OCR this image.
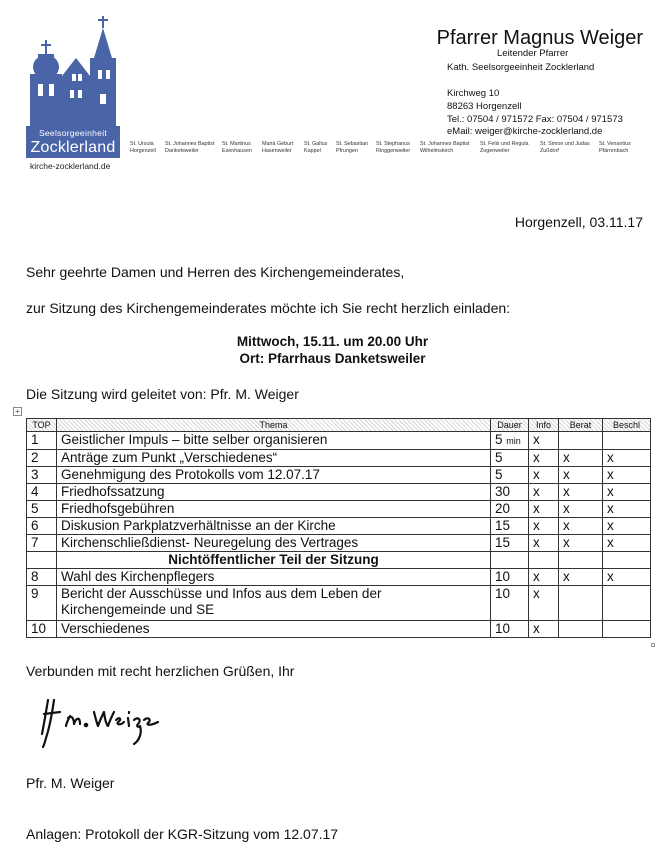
Seelsorgeeinheit
Zocklerland
kirche-zocklerland.de
Pfarrer Magnus Weiger
Leitender Pfarrer
Kath. Seelsorgeeinheit Zocklerland
Kirchweg 10
88263 Horgenzell
Tel.: 07504 / 971572 Fax: 07504 / 971573
eMail: weiger@kirche-zocklerland.de
St. Ursula
Horgenzell
St. Johannes Baptist
Danketsweiler
St. Martinus
Esenhausen
Mariä Geburt
Hasenweiler
St. Gallus
Kappel
St. Sebastian
Pfrungen
St. Stephanus
Ringgenweiler
St. Johannes Baptist
Wilhelmskirch
St. Felix und Regula
Zogenweiler
St. Simon und Judas
Zußdorf
St. Venantius
Pfärrenbach
Horgenzell, 03.11.17
Sehr geehrte Damen und Herren des Kirchengemeinderates,
zur Sitzung des Kirchengemeinderates möchte ich Sie recht herzlich einladen:
Mittwoch, 15.11. um 20.00 Uhr
Ort: Pfarrhaus Danketsweiler
Die Sitzung wird geleitet von: Pfr. M. Weiger
+
TOP	Thema	Dauer	Info	Berat	Beschl
1	Geistlicher Impuls – bitte selber organisieren	5 min	x		
2	Anträge zum Punkt „Verschiedenes“	5	x	x	x
3	Genehmigung des Protokolls vom 12.07.17	5	x	x	x
4	Friedhofssatzung	30	x	x	x
5	Friedhofsgebühren	20	x	x	x
6	Diskusion Parkplatzverhältnisse an der Kirche	15	x	x	x
7	Kirchenschließdienst- Neuregelung des Vertrages	15	x	x	x
	Nichtöffentlicher Teil der Sitzung				
8	Wahl des Kirchenpflegers	10	x	x	x
9	Bericht der Ausschüsse und Infos aus dem Leben der Kirchengemeinde und SE	10	x		
10	Verschiedenes	10	x		
Verbunden mit recht herzlichen Grüßen, Ihr
Pfr. M. Weiger
Anlagen: Protokoll der KGR-Sitzung vom 12.07.17
